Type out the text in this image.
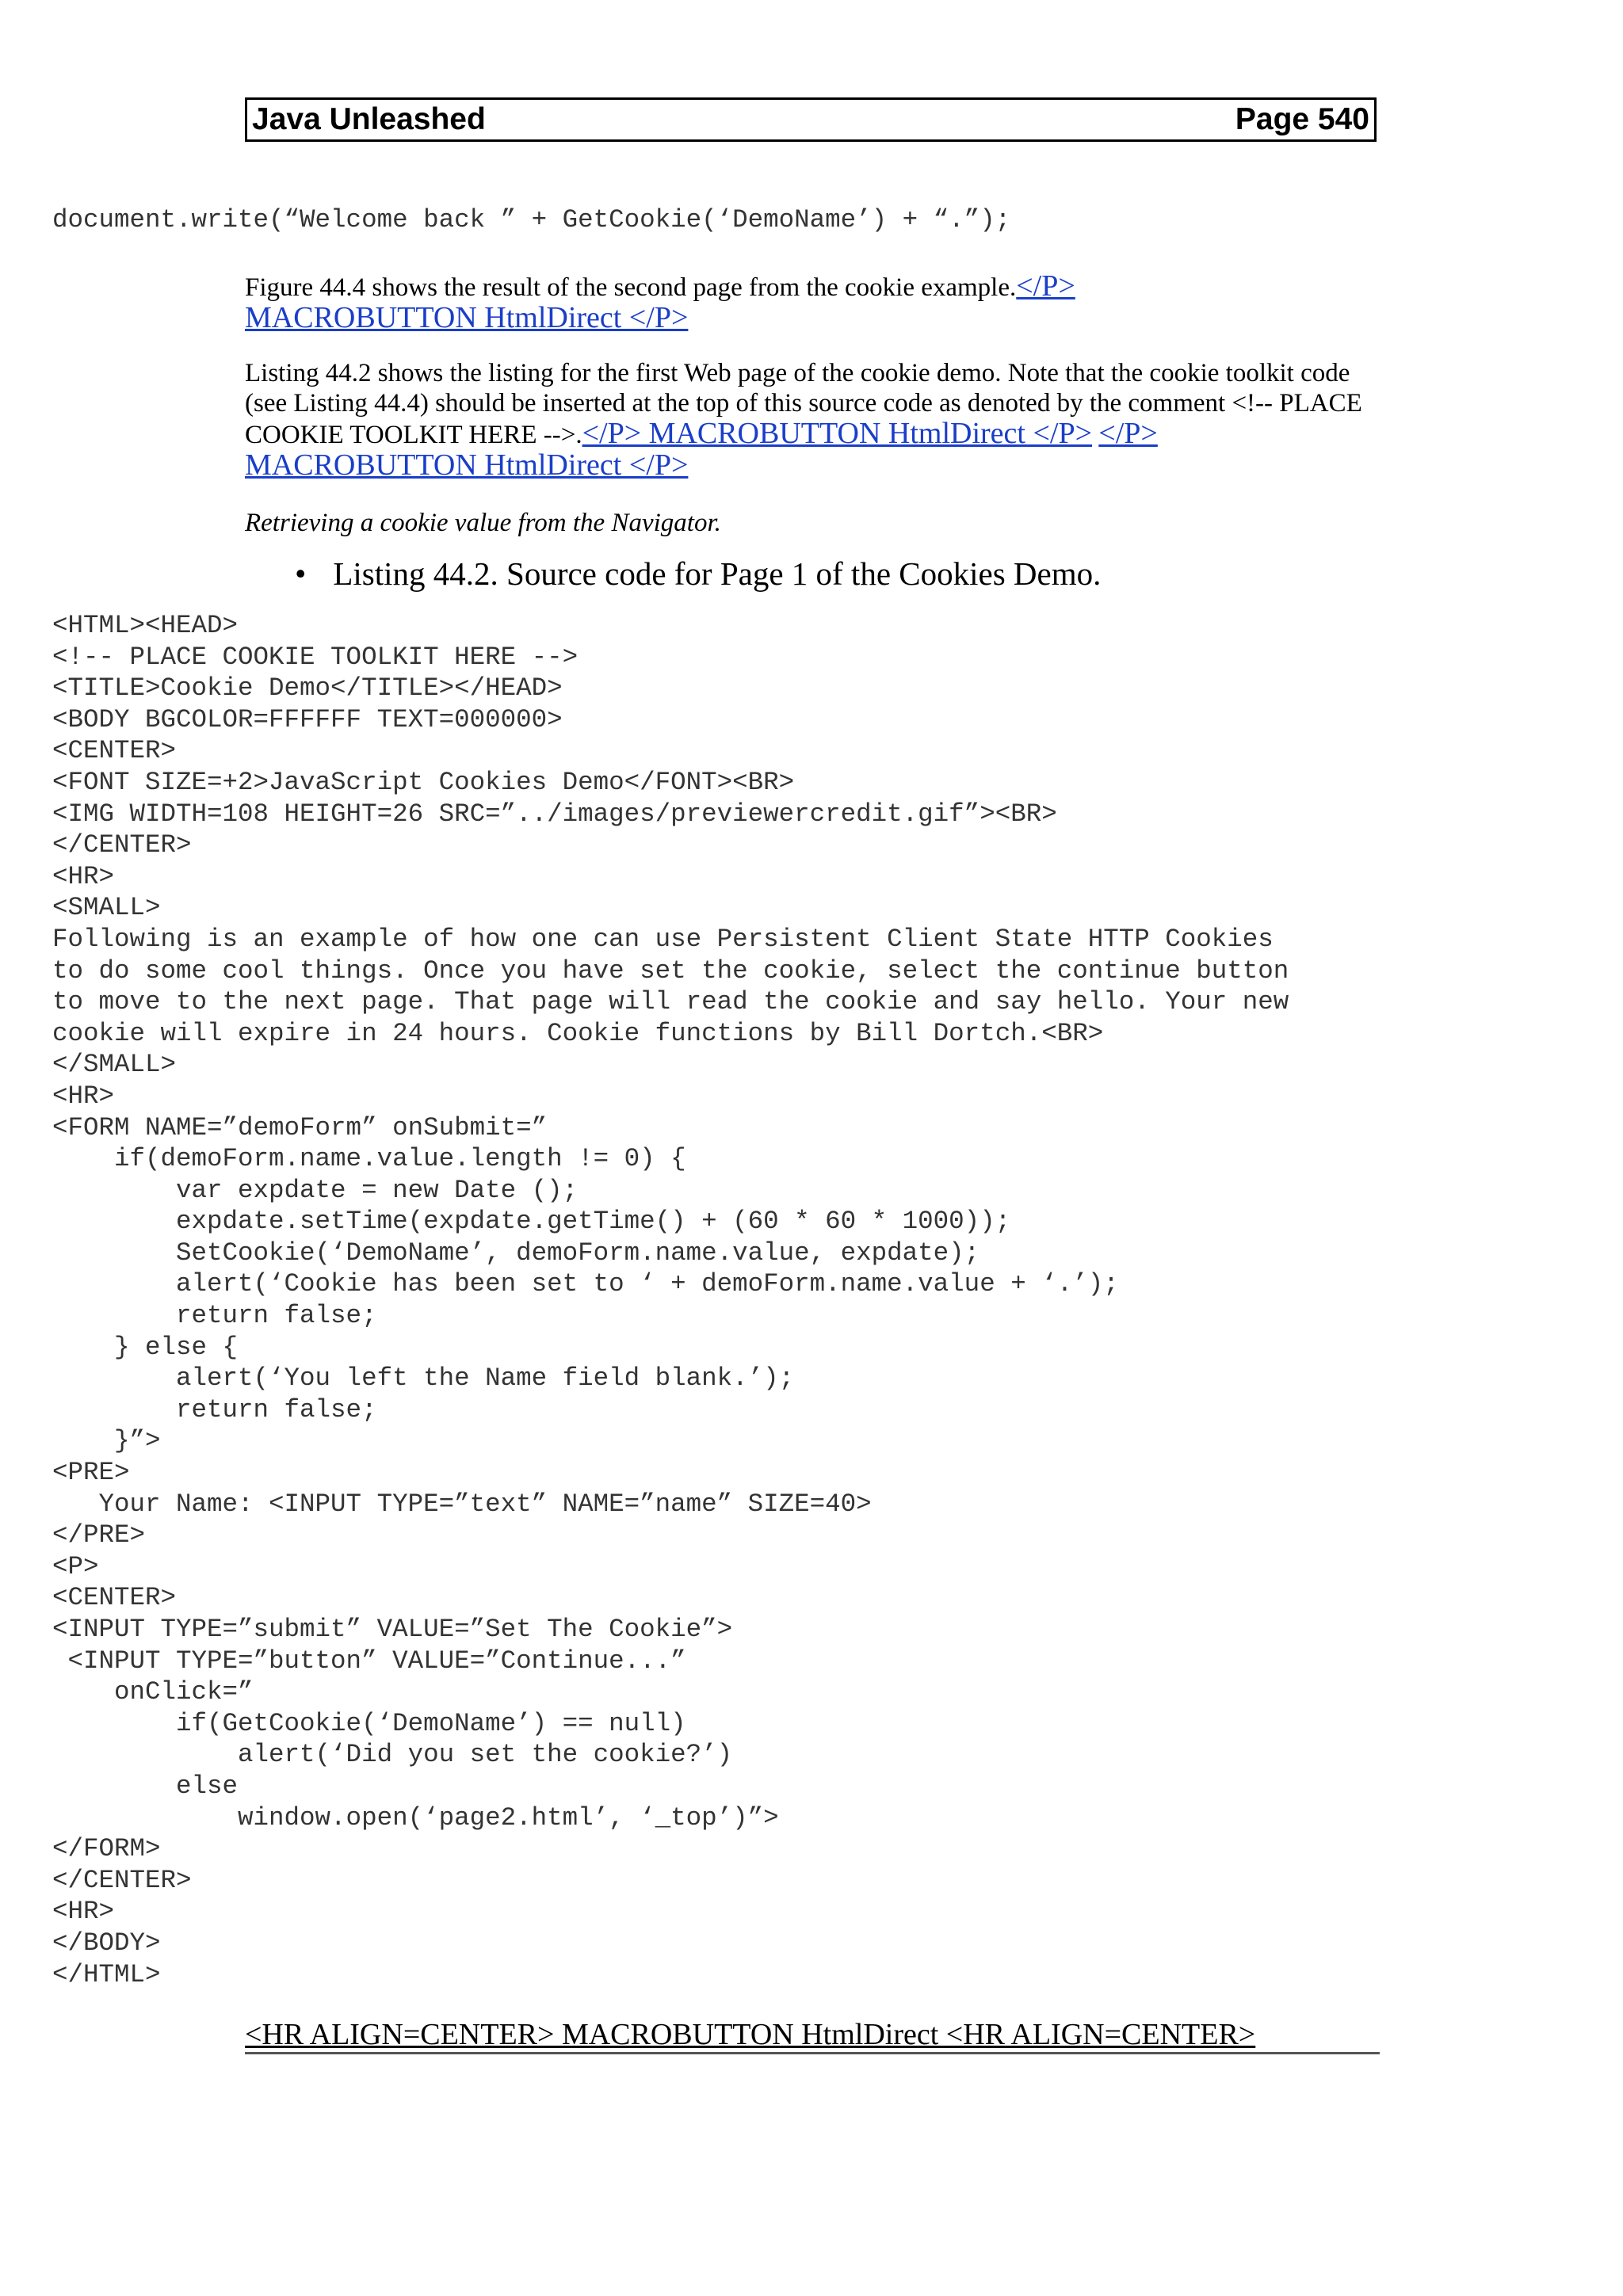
Java Unleashed	Page 540
document.write(“Welcome back ” + GetCookie(‘DemoName’) + “.”);

Figure 44.4 shows the result of the second page from the cookie example.</P>
MACROBUTTON HtmlDirect </P>

Listing 44.2 shows the listing for the first Web page of the cookie demo. Note that the cookie toolkit code (see Listing 44.4) should be inserted at the top of this source code as denoted by the comment <!-- PLACE COOKIE TOOLKIT HERE -->.</P> MACROBUTTON HtmlDirect </P> </P>
MACROBUTTON HtmlDirect </P>

Retrieving a cookie value from the Navigator.
• Listing 44.2. Source code for Page 1 of the Cookies Demo.
<HTML><HEAD>
<!-- PLACE COOKIE TOOLKIT HERE -->
<TITLE>Cookie Demo</TITLE></HEAD>
<BODY BGCOLOR=FFFFFF TEXT=000000>
<CENTER>
<FONT SIZE=+2>JavaScript Cookies Demo</FONT><BR>
<IMG WIDTH=108 HEIGHT=26 SRC=”../images/previewercredit.gif”><BR>
</CENTER>
<HR>
<SMALL>
Following is an example of how one can use Persistent Client State HTTP Cookies
to do some cool things. Once you have set the cookie, select the continue button
to move to the next page. That page will read the cookie and say hello. Your new
cookie will expire in 24 hours. Cookie functions by Bill Dortch.<BR>
</SMALL>
<HR>
<FORM NAME=”demoForm” onSubmit=”
if(demoForm.name.value.length != 0) {
var expdate = new Date ();
expdate.setTime(expdate.getTime() + (60 * 60 * 1000));
SetCookie(‘DemoName’, demoForm.name.value, expdate);
alert(‘Cookie has been set to ‘ + demoForm.name.value + ‘.’);
return false;
} else {
alert(‘You left the Name field blank.’);
return false;
}”>
<PRE>
Your Name: <INPUT TYPE=”text” NAME=”name” SIZE=40>
</PRE>
<P>
<CENTER>
<INPUT TYPE=”submit” VALUE=”Set The Cookie”>
<INPUT TYPE=”button” VALUE=”Continue...”
onClick=”
if(GetCookie(‘DemoName’) == null)
alert(‘Did you set the cookie?’)
else
window.open(‘page2.html’, ‘_top’)”>
</FORM>
</CENTER>
<HR>
</BODY>
</HTML>
<HR ALIGN=CENTER> MACROBUTTON HtmlDirect <HR ALIGN=CENTER>
